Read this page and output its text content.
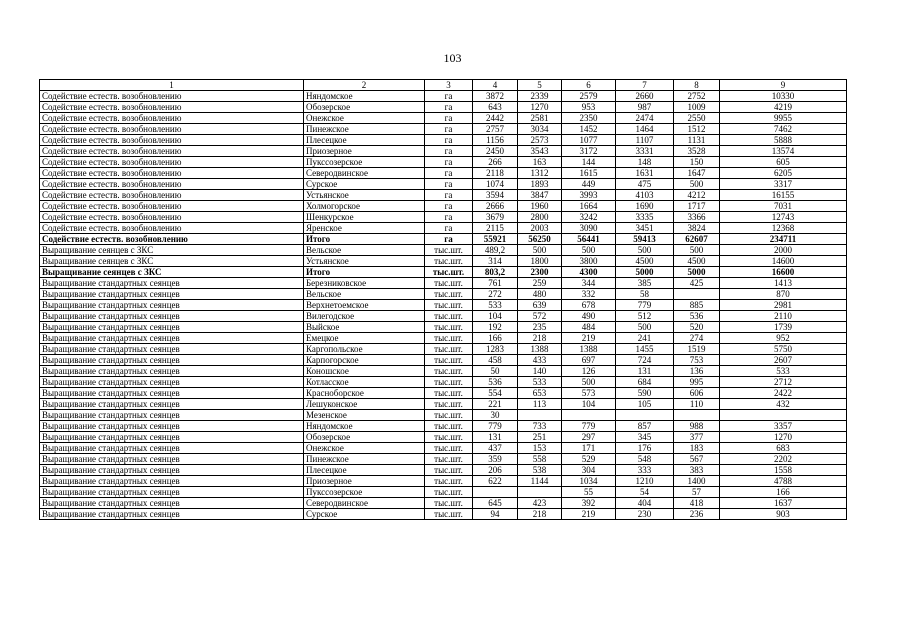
103
1	2	3	4	5	6	7	8	9
Содействие естеств. возобновлению	Няндомское	га	3872	2339	2579	2660	2752	10330
Содействие естеств. возобновлению	Обозерское	га	643	1270	953	987	1009	4219
Содействие естеств. возобновлению	Онежское	га	2442	2581	2350	2474	2550	9955
Содействие естеств. возобновлению	Пинежское	га	2757	3034	1452	1464	1512	7462
Содействие естеств. возобновлению	Плесецкое	га	1156	2573	1077	1107	1131	5888
Содействие естеств. возобновлению	Приозерное	га	2450	3543	3172	3331	3528	13574
Содействие естеств. возобновлению	Пукссозерское	га	266	163	144	148	150	605
Содействие естеств. возобновлению	Северодвинское	га	2118	1312	1615	1631	1647	6205
Содействие естеств. возобновлению	Сурское	га	1074	1893	449	475	500	3317
Содействие естеств. возобновлению	Устьянское	га	3594	3847	3993	4103	4212	16155
Содействие естеств. возобновлению	Холмогорское	га	2666	1960	1664	1690	1717	7031
Содействие естеств. возобновлению	Шенкурское	га	3679	2800	3242	3335	3366	12743
Содействие естеств. возобновлению	Яренское	га	2115	2003	3090	3451	3824	12368
Содействие естеств. возобновлению	Итого	га	55921	56250	56441	59413	62607	234711
Выращивание сеянцев с ЗКС	Вельское	тыс.шт.	489,2	500	500	500	500	2000
Выращивание сеянцев с ЗКС	Устьянское	тыс.шт.	314	1800	3800	4500	4500	14600
Выращивание сеянцев с ЗКС	Итого	тыс.шт.	803,2	2300	4300	5000	5000	16600
Выращивание стандартных сеянцев	Березниковское	тыс.шт.	761	259	344	385	425	1413
Выращивание стандартных сеянцев	Вельское	тыс.шт.	272	480	332	58		870
Выращивание стандартных сеянцев	Верхнетоемское	тыс.шт.	533	639	678	779	885	2981
Выращивание стандартных сеянцев	Вилегодское	тыс.шт.	104	572	490	512	536	2110
Выращивание стандартных сеянцев	Выйское	тыс.шт.	192	235	484	500	520	1739
Выращивание стандартных сеянцев	Емецкое	тыс.шт.	166	218	219	241	274	952
Выращивание стандартных сеянцев	Каргопольское	тыс.шт.	1283	1388	1388	1455	1519	5750
Выращивание стандартных сеянцев	Карпогорское	тыс.шт.	458	433	697	724	753	2607
Выращивание стандартных сеянцев	Коношское	тыс.шт.	50	140	126	131	136	533
Выращивание стандартных сеянцев	Котласское	тыс.шт.	536	533	500	684	995	2712
Выращивание стандартных сеянцев	Красноборское	тыс.шт.	554	653	573	590	606	2422
Выращивание стандартных сеянцев	Лешуконское	тыс.шт.	221	113	104	105	110	432
Выращивание стандартных сеянцев	Мезенское	тыс.шт.	30					
Выращивание стандартных сеянцев	Няндомское	тыс.шт.	779	733	779	857	988	3357
Выращивание стандартных сеянцев	Обозерское	тыс.шт.	131	251	297	345	377	1270
Выращивание стандартных сеянцев	Онежское	тыс.шт.	437	153	171	176	183	683
Выращивание стандартных сеянцев	Пинежское	тыс.шт.	359	558	529	548	567	2202
Выращивание стандартных сеянцев	Плесецкое	тыс.шт.	206	538	304	333	383	1558
Выращивание стандартных сеянцев	Приозерное	тыс.шт.	622	1144	1034	1210	1400	4788
Выращивание стандартных сеянцев	Пукссозерское	тыс.шт.			55	54	57	166
Выращивание стандартных сеянцев	Северодвинское	тыс.шт.	645	423	392	404	418	1637
Выращивание стандартных сеянцев	Сурское	тыс.шт.	94	218	219	230	236	903
